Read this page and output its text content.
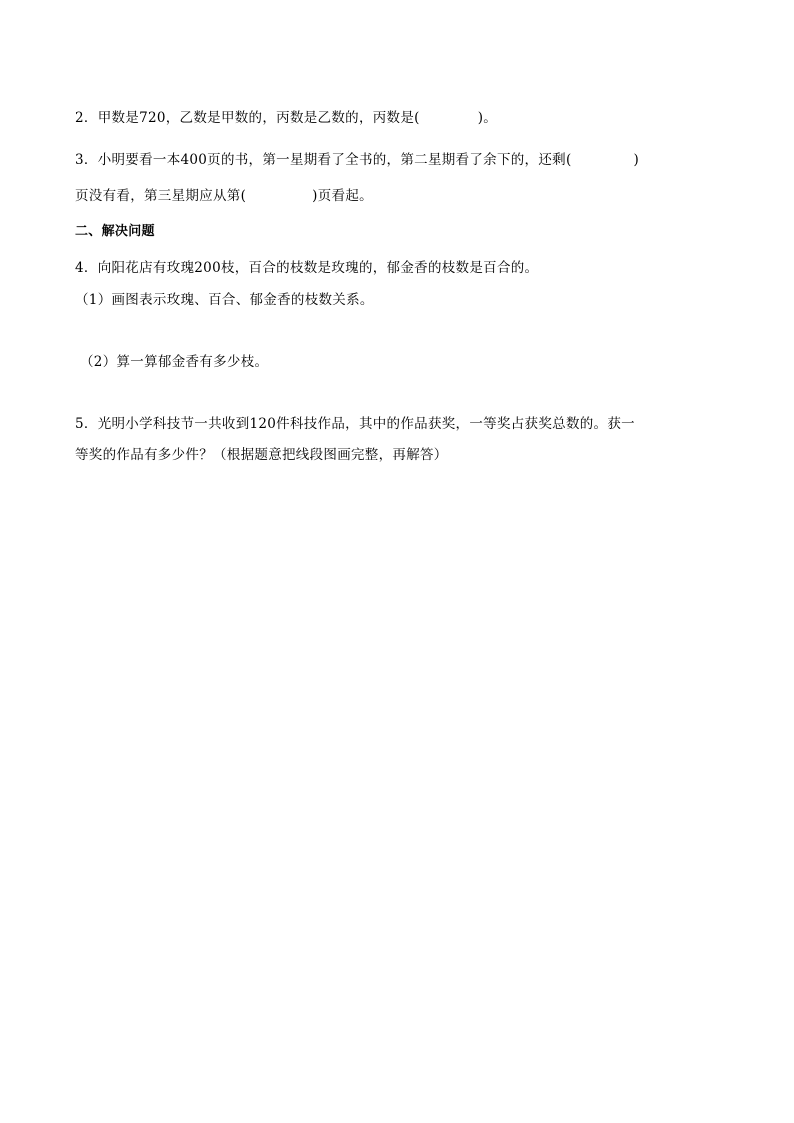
2．甲数是720，乙数是甲数的，丙数是乙数的，丙数是(	)。
3．小明要看一本400页的书，第一星期看了全书的，第二星期看了余下的，还剩(	)
页没有看，第三星期应从第(	)页看起。
二、解决问题
4．向阳花店有玫瑰200枝，百合的枝数是玫瑰的，郁金香的枝数是百合的。
（1）画图表示玫瑰、百合、郁金香的枝数关系。
（2）算一算郁金香有多少枝。
5．光明小学科技节一共收到120件科技作品，其中的作品获奖，一等奖占获奖总数的。获一
等奖的作品有多少件？（根据题意把线段图画完整，再解答）
